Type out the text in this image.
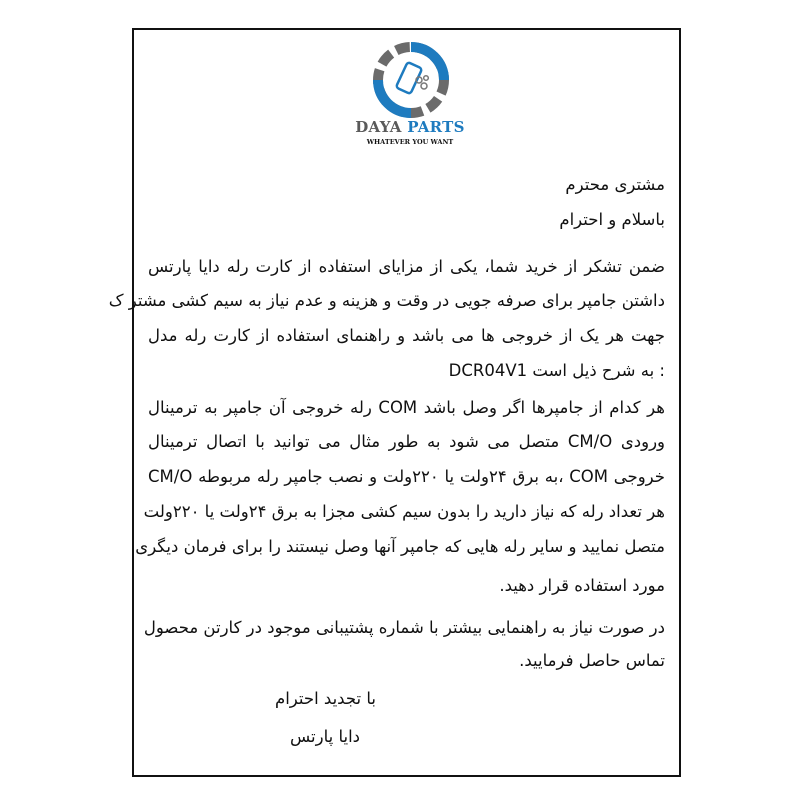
DAYA PARTS
WHATEVER YOU WANT
مشتری محترم
باسلام و احترام
ضمن تشکر از خرید شما، یکی از مزایای استفاده از کارت رله دایا پارتس
داشتن جامپر برای صرفه جویی در وقت و هزینه و عدم نیاز به سیم کشی مشتر ک
جهت هر یک از خروجی ها می باشد و راهنمای استفاده از کارت رله مدل
DCR04V1 به شرح ذیل است :
هر کدام از جامپرها اگر وصل باشد COM رله خروجی آن جامپر به ترمینال
ورودی CM/O متصل می شود به طور مثال می توانید با اتصال ترمینال
CM/O به برق ۲۴ولت یا ۲۲۰ولت و نصب جامپر رله مربوطه، COM خروجی
هر تعداد رله که نیاز دارید را بدون سیم کشی مجزا به برق ۲۴ولت یا ۲۲۰ولت
متصل نمایید و سایر رله هایی که جامپر آنها وصل نیستند را برای فرمان دیگری
مورد استفاده قرار دهید.
در صورت نیاز به راهنمایی بیشتر با شماره پشتیبانی موجود در کارتن محصول
تماس حاصل فرمایید.
با تجدید احترام
دایا پارتس
